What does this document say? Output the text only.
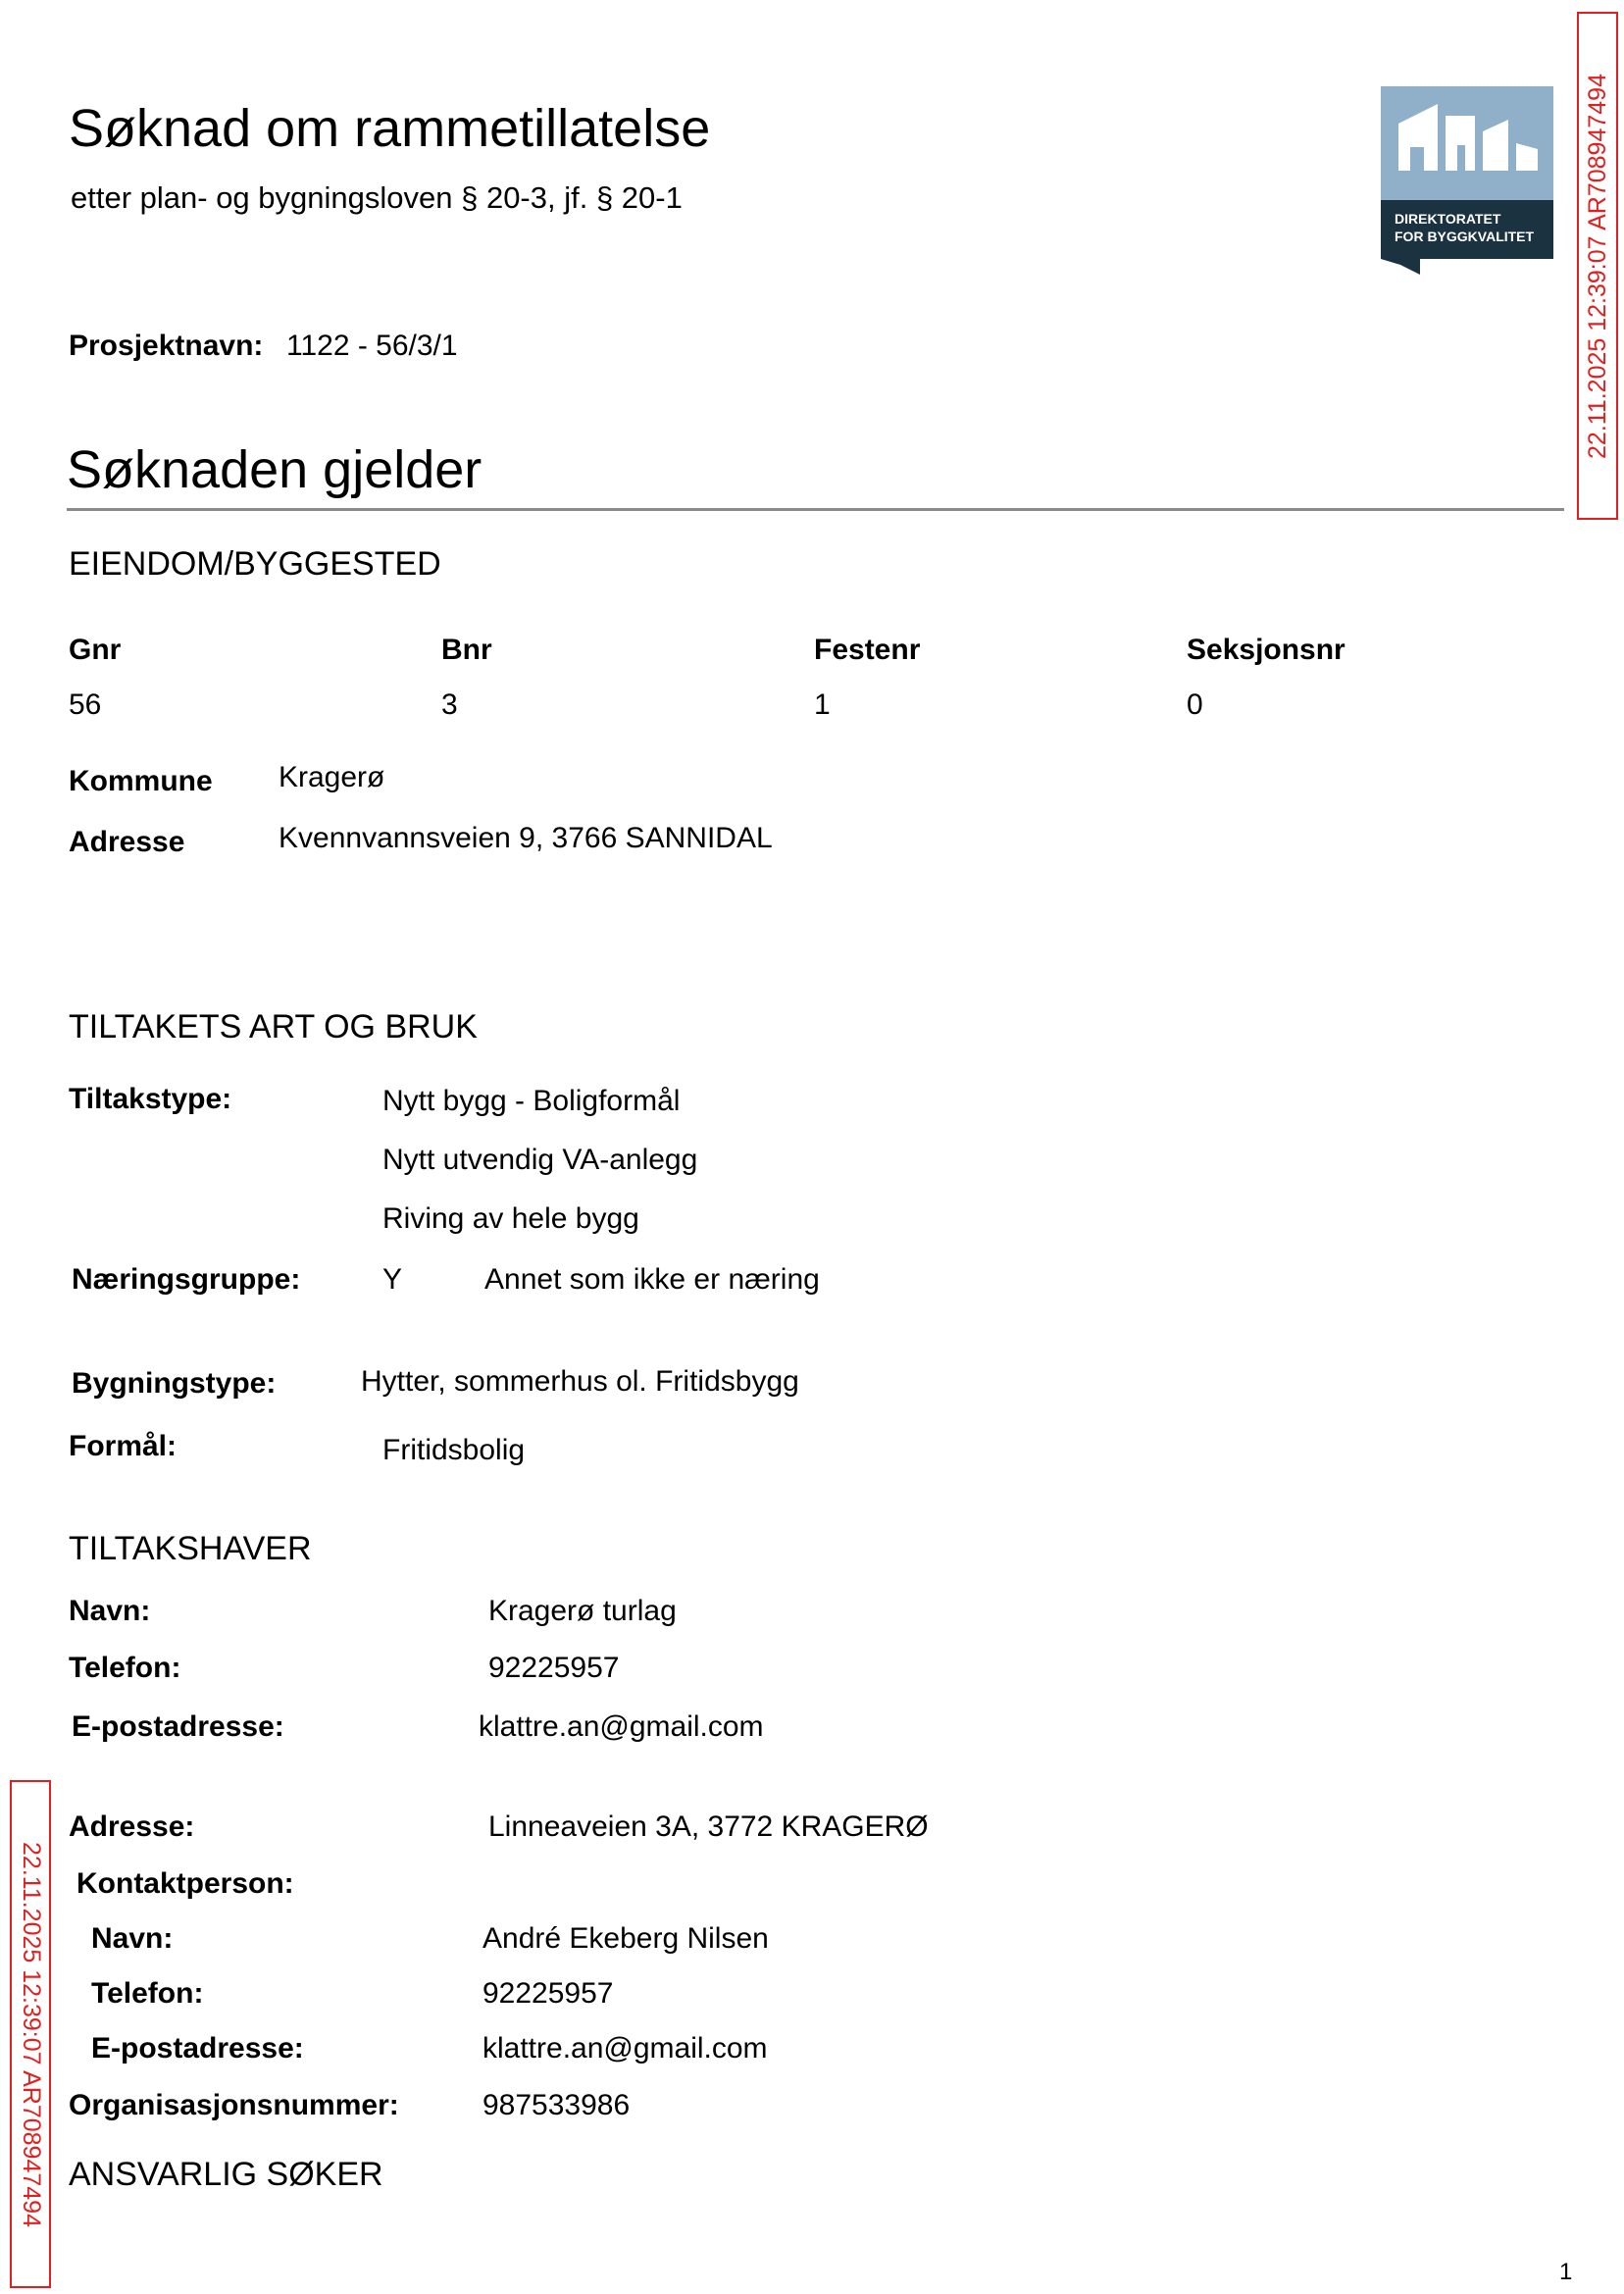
Søknad om rammetillatelse
etter plan- og bygningsloven § 20-3, jf. § 20-1
DIREKTORATET
FOR BYGGKVALITET 22.11.2025 12:39:07 AR708947494
22.11.2025 12:39:07 AR708947494
Prosjektnavn: 1122 - 56/3/1
Søknaden gjelder
EIENDOM/BYGGESTED
Gnr	Bnr	Festenr	Seksjonsnr
56	3	1	0
Kommune Kragerø
Adresse	Kvennvannsveien 9, 3766 SANNIDAL
TILTAKETS ART OG BRUK
Tiltakstype:	Nytt bygg - Boligformål
Nytt utvendig VA-anlegg
Riving av hele bygg
Næringsgruppe:	Y	Annet som ikke er næring
Bygningstype:	Hytter, sommerhus ol. Fritidsbygg
Formål:	Fritidsbolig
TILTAKSHAVER
Navn:	Kragerø turlag
Telefon:	92225957
E-postadresse:	klattre.an@gmail.com
Adresse:	Linneaveien 3A, 3772 KRAGERØ
Kontaktperson:
Navn:	André Ekeberg Nilsen
Telefon:	92225957
E-postadresse:	klattre.an@gmail.com
Organisasjonsnummer:	987533986
ANSVARLIG SØKER
1
